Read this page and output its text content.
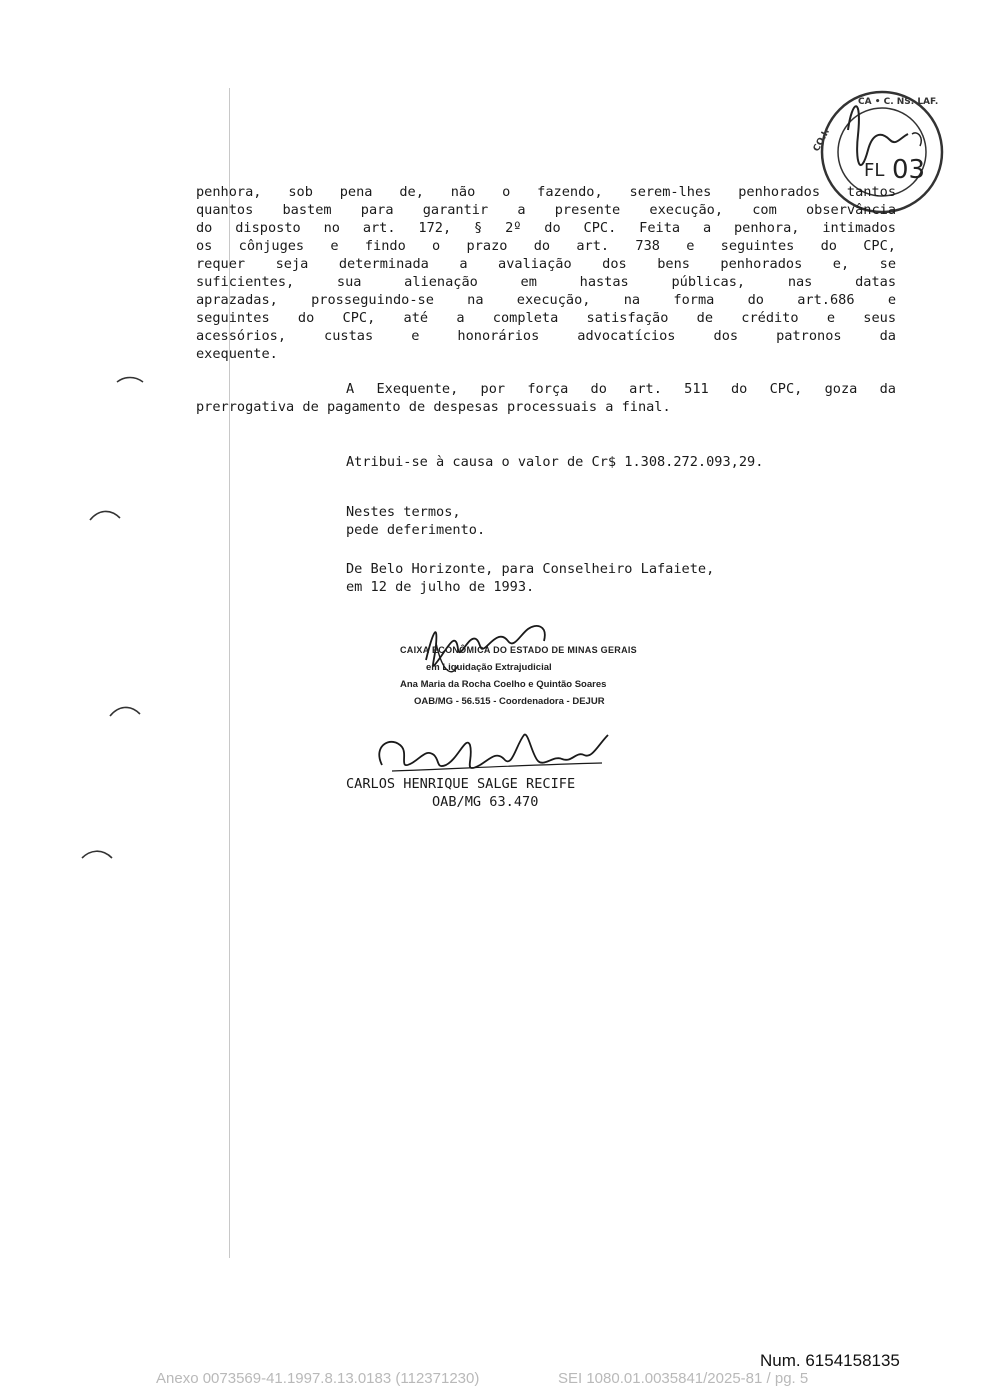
CO.I.
CA • C. NS. LAF.
FL 03
penhora, sob pena de, não o fazendo, serem-lhes penhorados tantos
quantos bastem para garantir a presente execução, com observância
do disposto no art. 172, § 2º do CPC. Feita a penhora, intimados
os cônjuges e findo o prazo do art. 738 e seguintes do CPC,
requer seja determinada a avaliação dos bens penhorados e, se
suficientes, sua alienação em hastas públicas, nas datas
aprazadas, prosseguindo-se na execução, na forma do art.686 e
seguintes do CPC, até a completa satisfação de crédito e seus
acessórios, custas e honorários advocatícios dos patronos da
exequente.
A Exequente, por força do art. 511 do CPC, goza da
prerrogativa de pagamento de despesas processuais a final.
Atribui-se à causa o valor de Cr$ 1.308.272.093,29.
Nestes termos,
pede deferimento.
De Belo Horizonte, para Conselheiro Lafaiete,
em 12 de julho de 1993.
CAIXA ECONÔMICA DO ESTADO DE MINAS GERAIS
em Liquidação Extrajudicial
Ana Maria da Rocha Coelho e Quintão Soares
OAB/MG - 56.515 - Coordenadora - DEJUR
CARLOS HENRIQUE SALGE RECIFE
OAB/MG 63.470
Num. 6154158135
Anexo 0073569-41.1997.8.13.0183 (112371230)	SEI 1080.01.0035841/2025-81 / pg. 5
